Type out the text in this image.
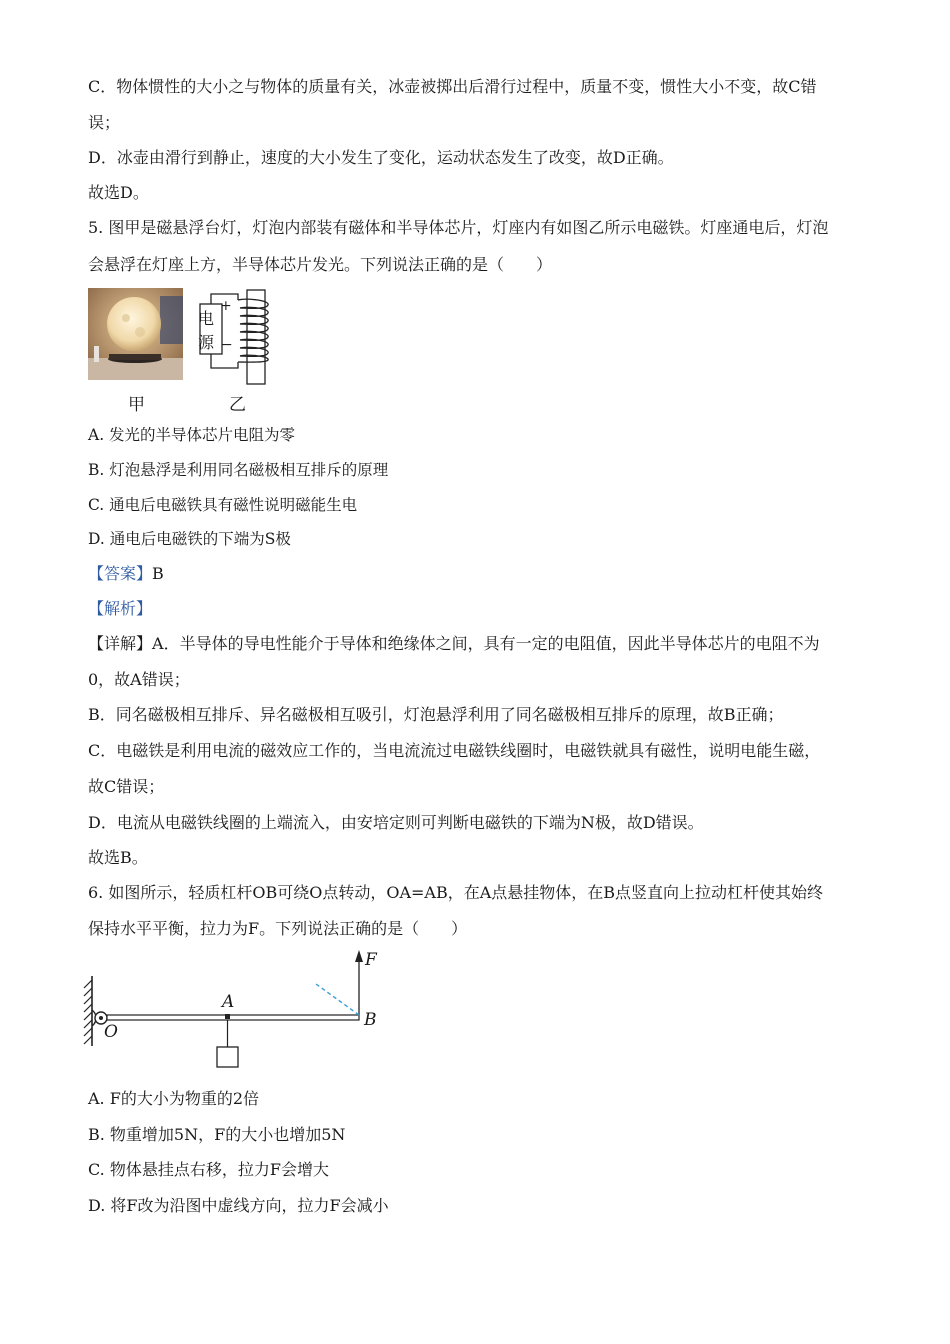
C．物体惯性的大小之与物体的质量有关，冰壶被掷出后滑行过程中，质量不变，惯性大小不变，故C错
误；
D．冰壶由滑行到静止，速度的大小发生了变化，运动状态发生了改变，故D正确。
故选D。
5. 图甲是磁悬浮台灯，灯泡内部装有磁体和半导体芯片，灯座内有如图乙所示电磁铁。灯座通电后，灯泡
会悬浮在灯座上方，半导体芯片发光。下列说法正确的是（　　）
电
源
+
−
甲	乙
A. 发光的半导体芯片电阻为零
B. 灯泡悬浮是利用同名磁极相互排斥的原理
C. 通电后电磁铁具有磁性说明磁能生电
D. 通电后电磁铁的下端为S极
【答案】B
【解析】
【详解】A．半导体的导电性能介于导体和绝缘体之间，具有一定的电阻值，因此半导体芯片的电阻不为
0，故A错误；
B．同名磁极相互排斥、异名磁极相互吸引，灯泡悬浮利用了同名磁极相互排斥的原理，故B正确；
C．电磁铁是利用电流的磁效应工作的，当电流流过电磁铁线圈时，电磁铁就具有磁性，说明电能生磁，
故C错误；
D．电流从电磁铁线圈的上端流入，由安培定则可判断电磁铁的下端为N极，故D错误。
故选B。
6. 如图所示，轻质杠杆OB可绕O点转动，OA=AB，在A点悬挂物体，在B点竖直向上拉动杠杆使其始终
保持水平平衡，拉力为F。下列说法正确的是（　　）
O
A
B
F
A. F的大小为物重的2倍
B. 物重增加5N，F的大小也增加5N
C. 物体悬挂点右移，拉力F会增大
D. 将F改为沿图中虚线方向，拉力F会减小
